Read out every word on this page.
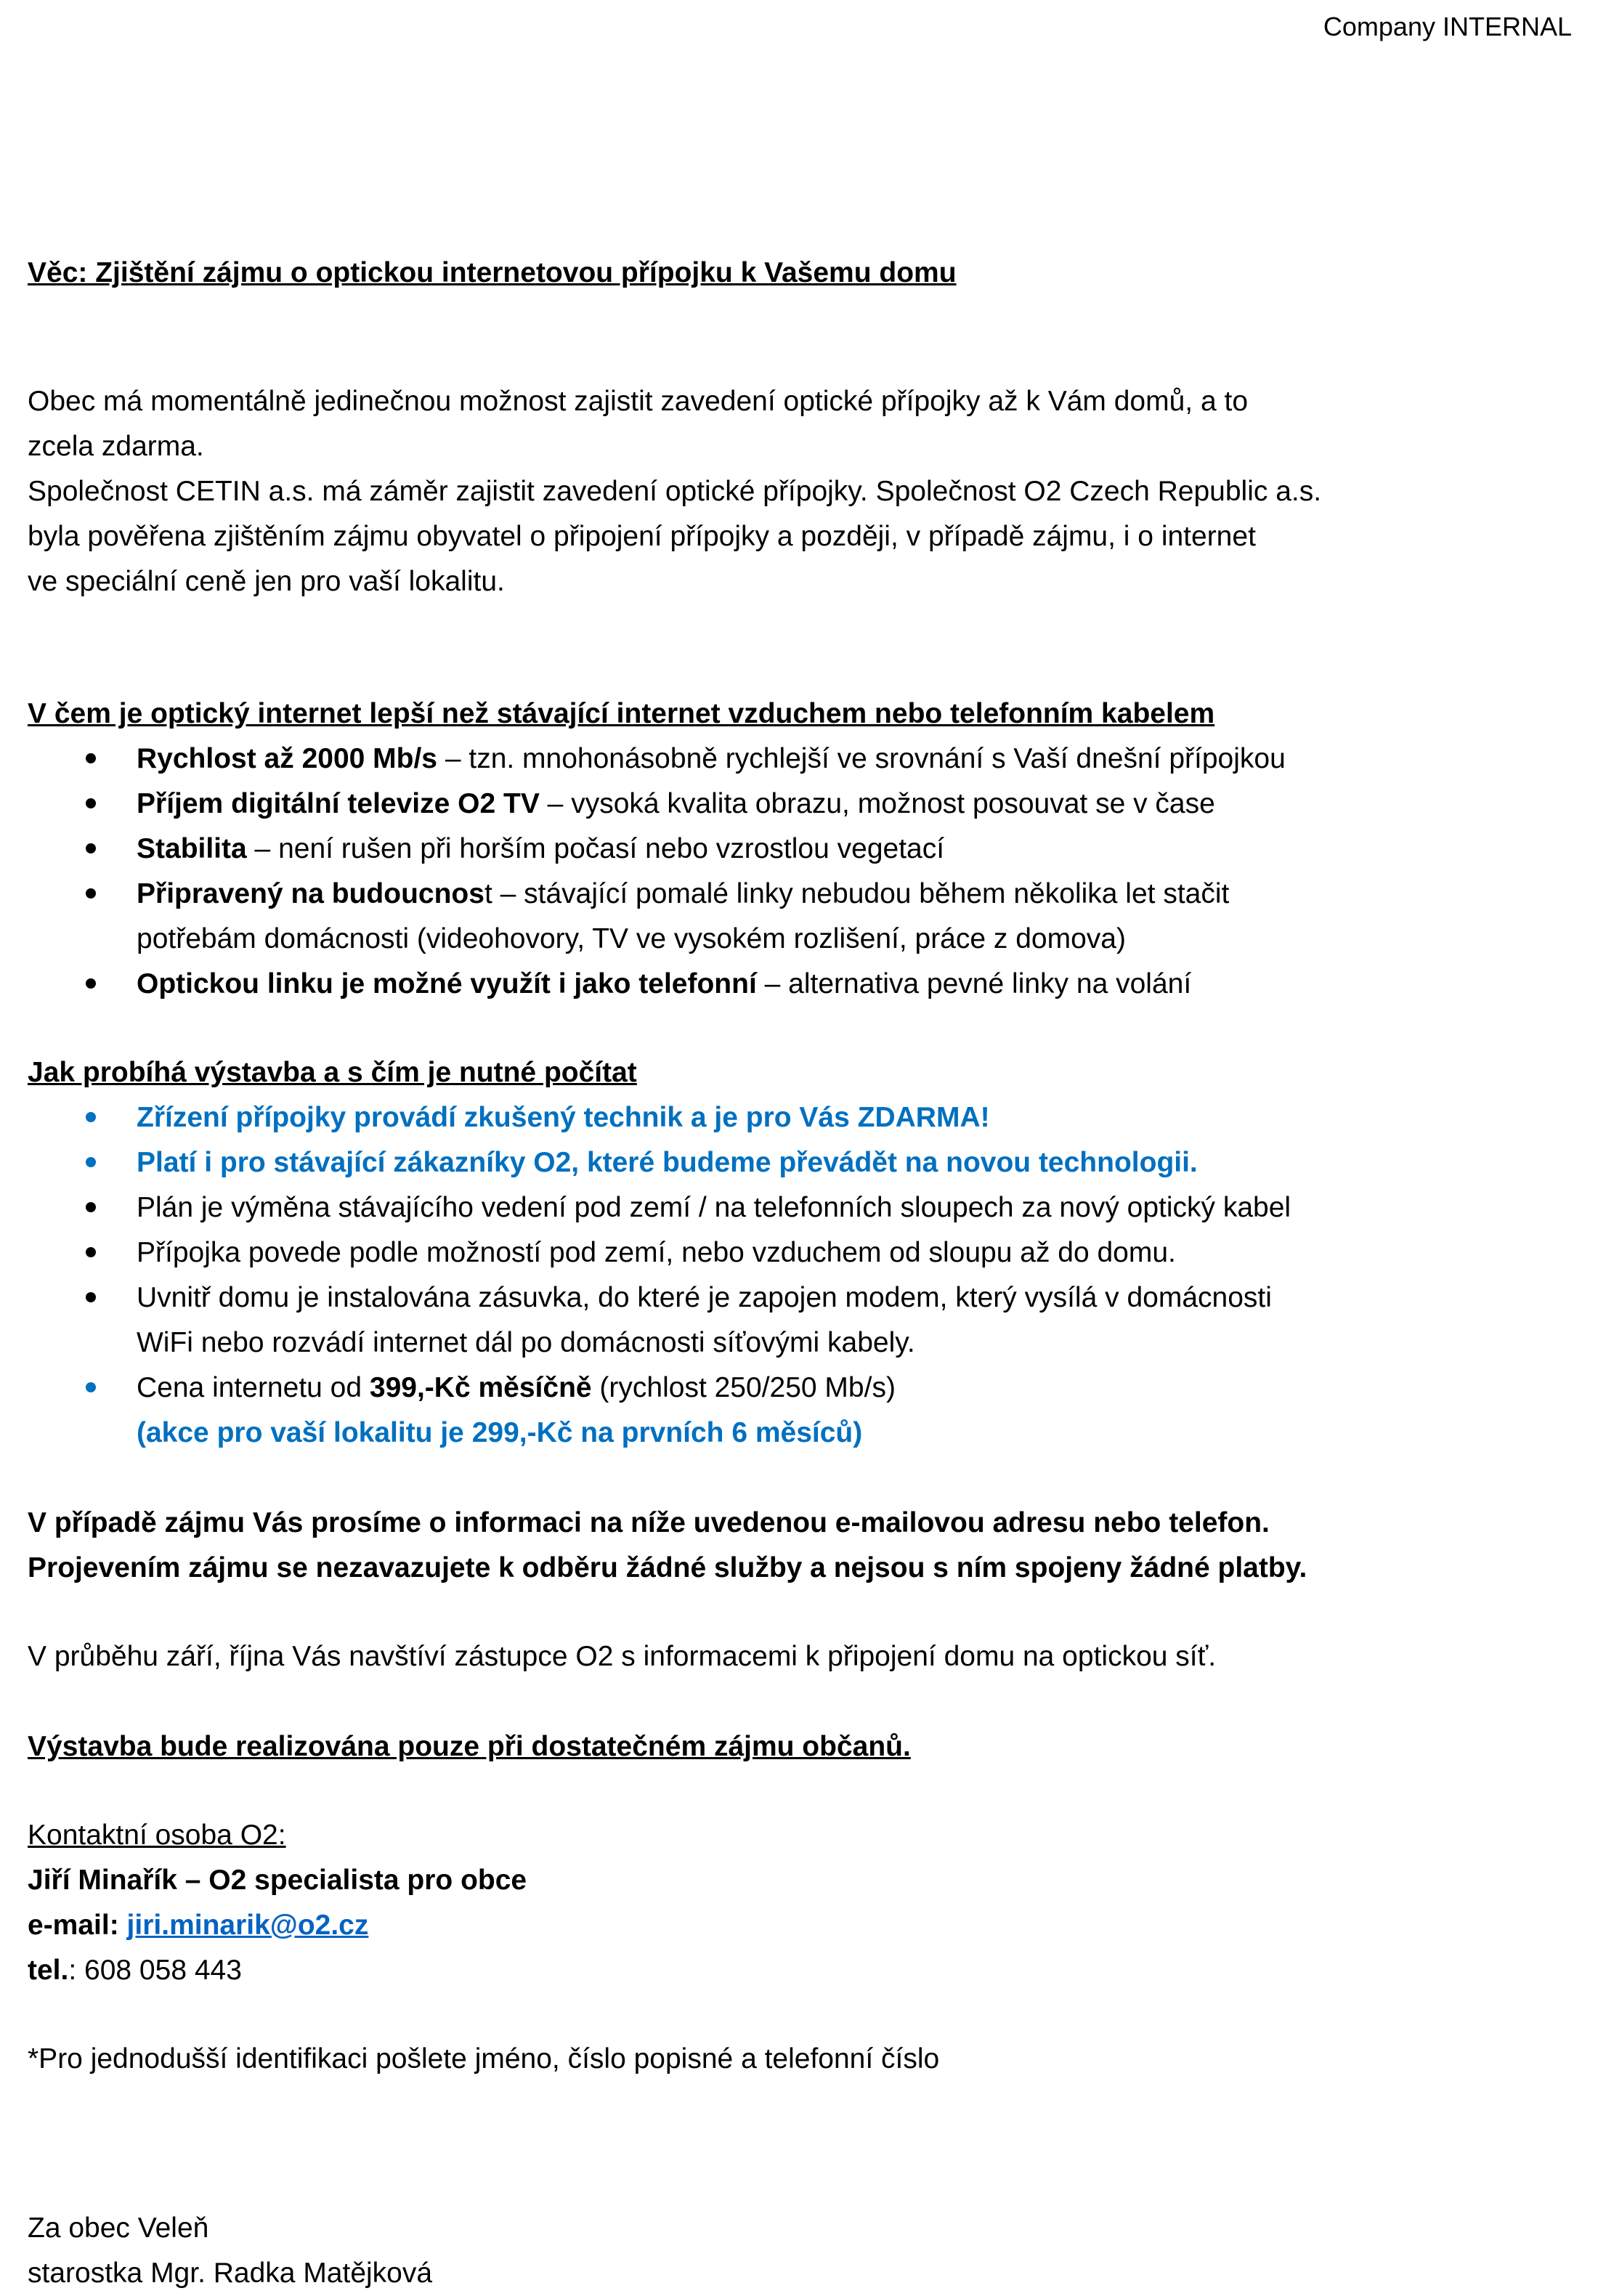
Company INTERNAL
Věc: Zjištění zájmu o optickou internetovou přípojku k Vašemu domu

Obec má momentálně jedinečnou možnost zajistit zavedení optické přípojky až k Vám domů, a to

zcela zdarma.

Společnost CETIN a.s. má záměr zajistit zavedení optické přípojky. Společnost O2 Czech Republic a.s.

byla pověřena zjištěním zájmu obyvatel o připojení přípojky a později, v případě zájmu, i o internet

ve speciální ceně jen pro vaší lokalitu.

V čem je optický internet lepší než stávající internet vzduchem nebo telefonním kabelem

Rychlost až 2000 Mb/s – tzn. mnohonásobně rychlejší ve srovnání s Vaší dnešní přípojkou
Příjem digitální televize O2 TV – vysoká kvalita obrazu, možnost posouvat se v čase
Stabilita – není rušen při horším počasí nebo vzrostlou vegetací
Připravený na budoucnost – stávající pomalé linky nebudou během několika let stačit
potřebám domácnosti (videohovory, TV ve vysokém rozlišení, práce z domova)
Optickou linku je možné využít i jako telefonní – alternativa pevné linky na volání

Jak probíhá výstavba a s čím je nutné počítat

Zřízení přípojky provádí zkušený technik a je pro Vás ZDARMA!
Platí i pro stávající zákazníky O2, které budeme převádět na novou technologii.
Plán je výměna stávajícího vedení pod zemí / na telefonních sloupech za nový optický kabel
Přípojka povede podle možností pod zemí, nebo vzduchem od sloupu až do domu.
Uvnitř domu je instalována zásuvka, do které je zapojen modem, který vysílá v domácnosti
WiFi nebo rozvádí internet dál po domácnosti síťovými kabely.
Cena internetu od 399,-Kč měsíčně (rychlost 250/250 Mb/s)
(akce pro vaší lokalitu je 299,-Kč na prvních 6 měsíců)

V případě zájmu Vás prosíme o informaci na níže uvedenou e-mailovou adresu nebo telefon.

Projevením zájmu se nezavazujete k odběru žádné služby a nejsou s ním spojeny žádné platby.

V průběhu září, října Vás navštíví zástupce O2 s informacemi k připojení domu na optickou síť.

Výstavba bude realizována pouze při dostatečném zájmu občanů.

Kontaktní osoba O2:

Jiří Minařík – O2 specialista pro obce

e-mail: jiri.minarik@o2.cz

tel.: 608 058 443

*Pro jednodušší identifikaci pošlete jméno, číslo popisné a telefonní číslo

Za obec Veleň

starostka Mgr. Radka Matějková
